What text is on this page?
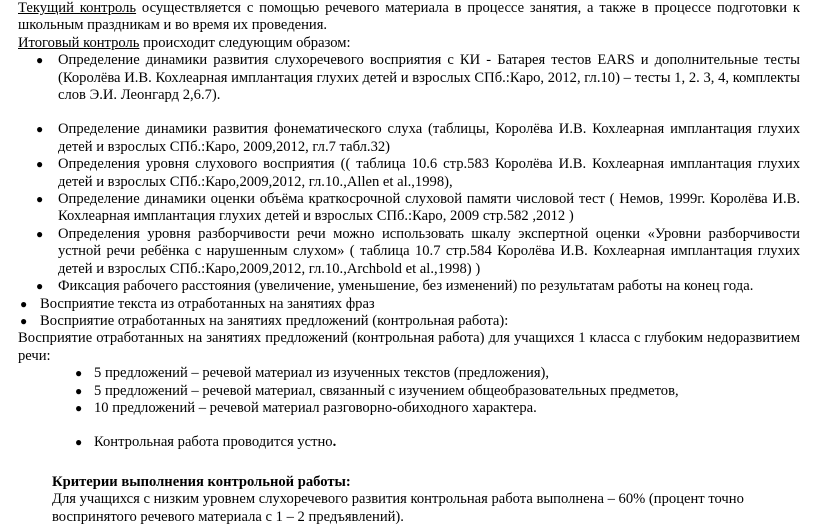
Текущий контроль осуществляется с помощью речевого материала в процессе занятия, а также в процессе подготовки к школьным праздникам и во время их проведения.

Итоговый контроль происходит следующим образом:

● Определение динамики развития слухоречевого восприятия с КИ - Батарея тестов EARS и дополнительные тесты (Королёва И.В. Кохлеарная имплантация глухих детей и взрослых СПб.:Каро, 2012, гл.10) – тесты 1, 2. 3, 4, комплекты слов Э.И. Леонгард 2,6.7).
● Определение динамики развития фонематического слуха (таблицы, Королёва И.В. Кохлеарная имплантация глухих детей и взрослых СПб.:Каро, 2009,2012, гл.7 табл.32)
● Определения уровня слухового восприятия (( таблица 10.6 стр.583 Королёва И.В. Кохлеарная имплантация глухих детей и взрослых СПб.:Каро,2009,2012, гл.10.,Allen et al.,1998),
● Определение динамики оценки объёма краткосрочной слуховой памяти числовой тест ( Немов, 1999г. Королёва И.В. Кохлеарная имплантация глухих детей и взрослых СПб.:Каро, 2009 стр.582 ,2012 )
● Определения уровня разборчивости речи можно использовать шкалу экспертной оценки «Уровни разборчивости устной речи ребёнка с нарушенным слухом» ( таблица 10.7 стр.584 Королёва И.В. Кохлеарная имплантация глухих детей и взрослых СПб.:Каро,2009,2012, гл.10.,Archbold et al.,1998) )
● Фиксация рабочего расстояния (увеличение, уменьшение, без изменений) по результатам работы на конец года.
● Восприятие текста из отработанных на занятиях фраз
● Восприятие отработанных на занятиях предложений (контрольная работа):

Восприятие отработанных на занятиях предложений (контрольная работа) для учащихся 1 класса с глубоким недоразвитием речи:

● 5 предложений – речевой материал из изученных текстов (предложения),
● 5 предложений – речевой материал, связанный с изучением общеобразовательных предметов,
● 10 предложений – речевой материал разговорно-обиходного характера.
● Контрольная работа проводится устно.

Критерии выполнения контрольной работы:

Для учащихся с низким уровнем слухоречевого развития контрольная работа выполнена – 60% (процент точно воспринятого речевого материала с 1 – 2 предъявлений).
